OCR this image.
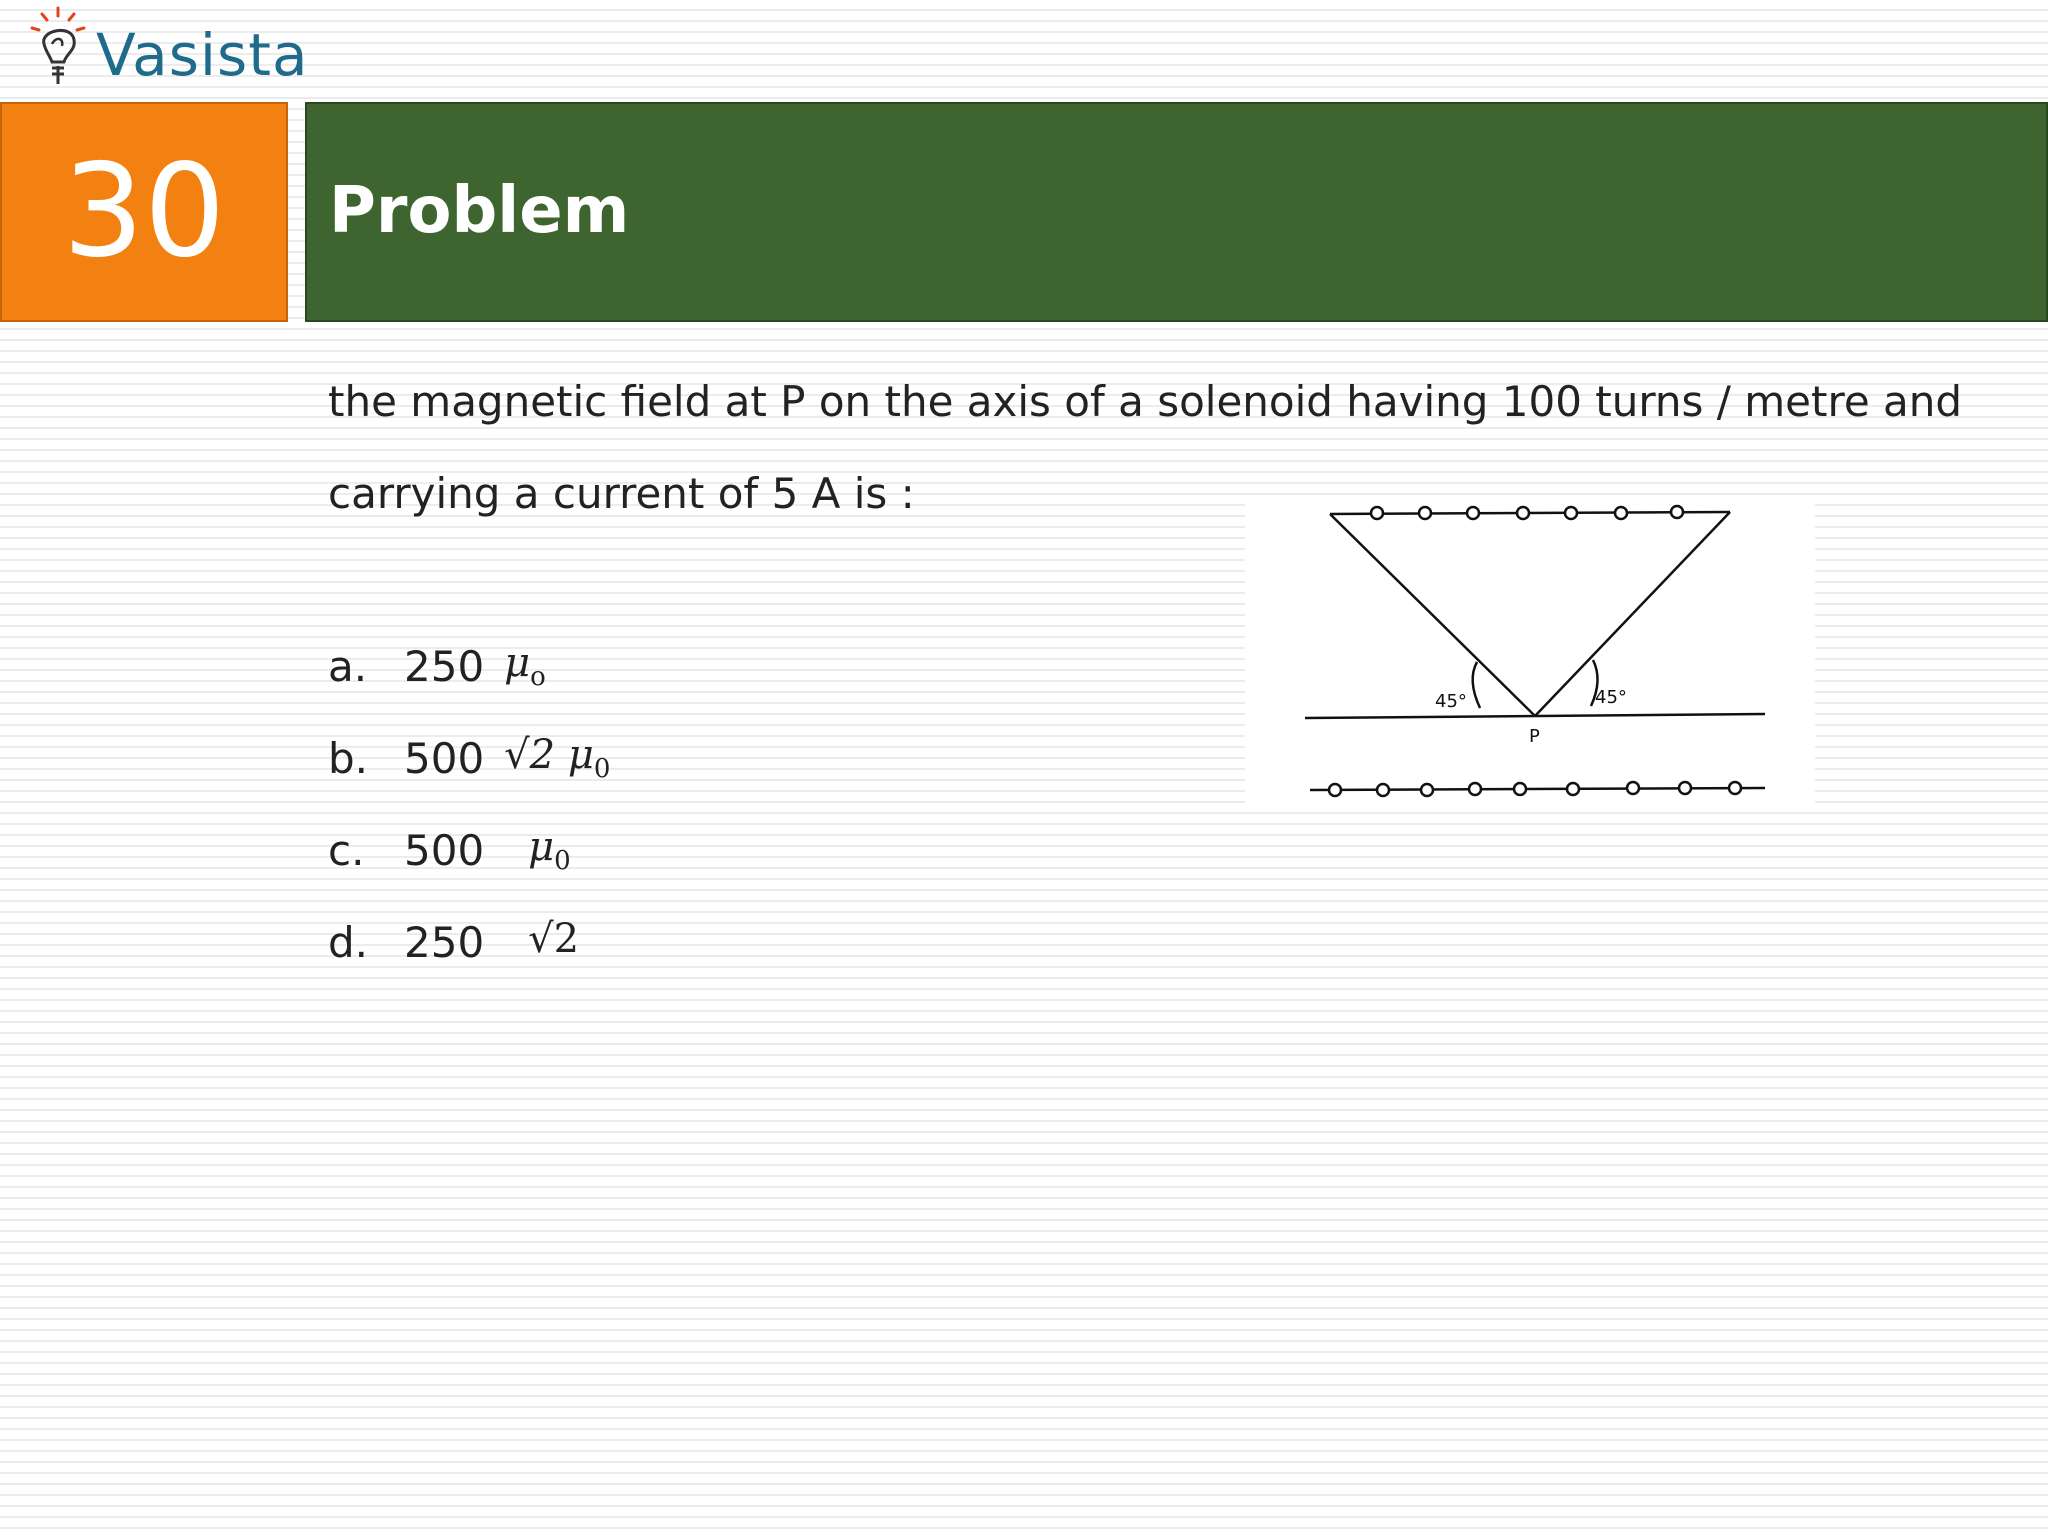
Vasista
30 Problem
the magnetic field at P on the axis of a solenoid having 100 turns / metre and
carrying a current of 5 A is :
a. 250 $\mu_o$
b. 500 √2 $\mu_0$
c. 500 $\mu_0$
d. 250 √2
45°	45°
P
